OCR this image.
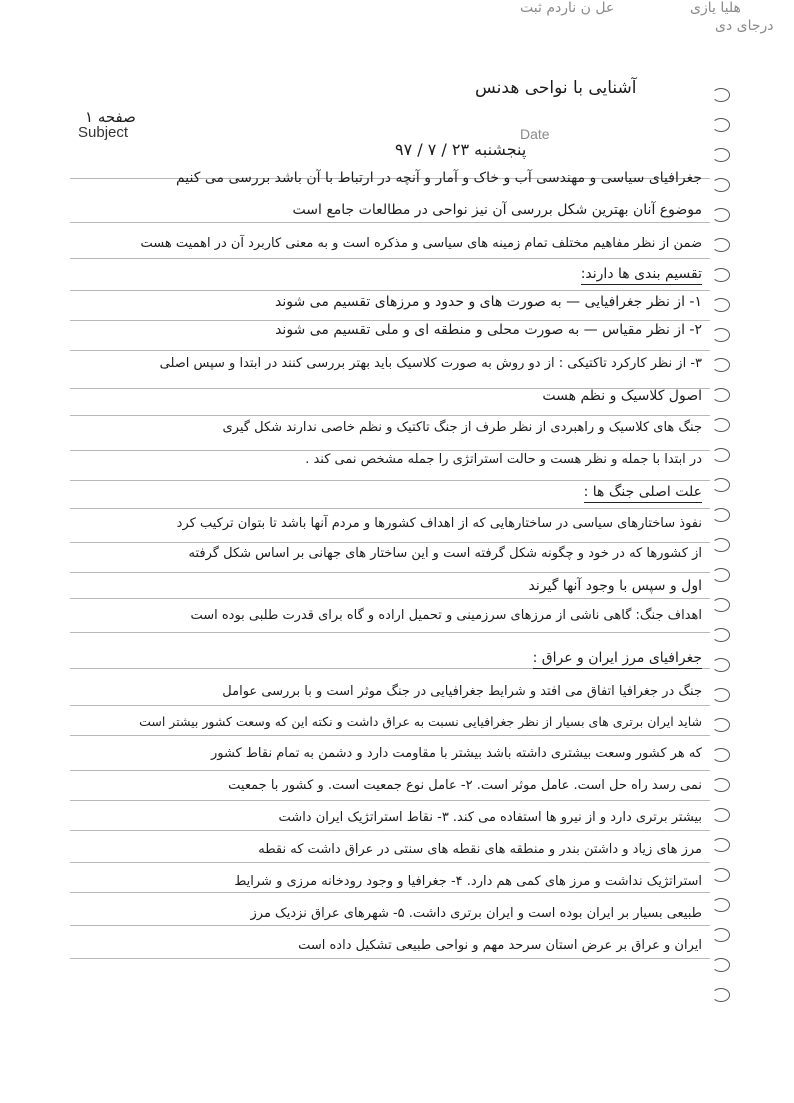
عل ن ناردم ثبت	هلیا یازی
درجای دی
آشنایی با نواحی هدنس
صفحه ۱
Subject	Date
پنجشنبه ۲۳ / ۷ / ۹۷
جغرافیای سیاسی و مهندسی آب و خاک و آمار و آنچه در ارتباط با آن باشد بررسی می کنیم
موضوع آنان بهترین شکل بررسی آن نیز نواحی در مطالعات جامع است
ضمن از نظر مفاهیم مختلف تمام زمینه های سیاسی و مذکره است و به معنی کاربرد آن در اهمیت هست
تقسیم بندی ها دارند:
۱- از نظر جغرافیایی — به صورت های و حدود و مرزهای تقسیم می شوند
۲- از نظر مقیاس — به صورت محلی و منطقه ای و ملی تقسیم می شوند
۳- از نظر کارکرد تاکتیکی : از دو روش به صورت کلاسیک باید بهتر بررسی کنند در ابتدا و سپس اصلی
اصول کلاسیک و نظم هست
جنگ های کلاسیک و راهبردی از نظر طرف از جنگ تاکتیک و نظم خاصی ندارند شکل گیری
در ابتدا با جمله و نظر هست و حالت استراتژی را جمله مشخص نمی کند .
علت اصلی جنگ ها :
نفوذ ساختارهای سیاسی در ساختارهایی که از اهداف کشورها و مردم آنها باشد تا بتوان ترکیب کرد
از کشورها که در خود و چگونه شکل گرفته است و این ساختار های جهانی بر اساس شکل گرفته
اول و سپس با وجود آنها گیرند
اهداف جنگ: گاهی ناشی از مرزهای سرزمینی و تحمیل اراده و گاه برای قدرت طلبی بوده است
جغرافیای مرز ایران و عراق :
جنگ در جغرافیا اتفاق می افتد و شرایط جغرافیایی در جنگ موثر است و با بررسی عوامل
شاید ایران برتری های بسیار از نظر جغرافیایی نسبت به عراق داشت و نکته این که وسعت کشور بیشتر است
که هر کشور وسعت بیشتری داشته باشد بیشتر با مقاومت دارد و دشمن به تمام نقاط کشور
نمی رسد راه حل است. عامل موثر است. ۲- عامل نوع جمعیت است. و کشور با جمعیت
بیشتر برتری دارد و از نیرو ها استفاده می کند. ۳- نقاط استراتژیک ایران داشت
مرز های زیاد و داشتن بندر و منطقه های نقطه های سنتی در عراق داشت که نقطه
استراتژیک نداشت و مرز های کمی هم دارد. ۴- جغرافیا و وجود رودخانه مرزی و شرایط
طبیعی بسیار بر ایران بوده است و ایران برتری داشت. ۵- شهرهای عراق نزدیک مرز
ایران و عراق بر عرض استان سرحد مهم و نواحی طبیعی تشکیل داده است
